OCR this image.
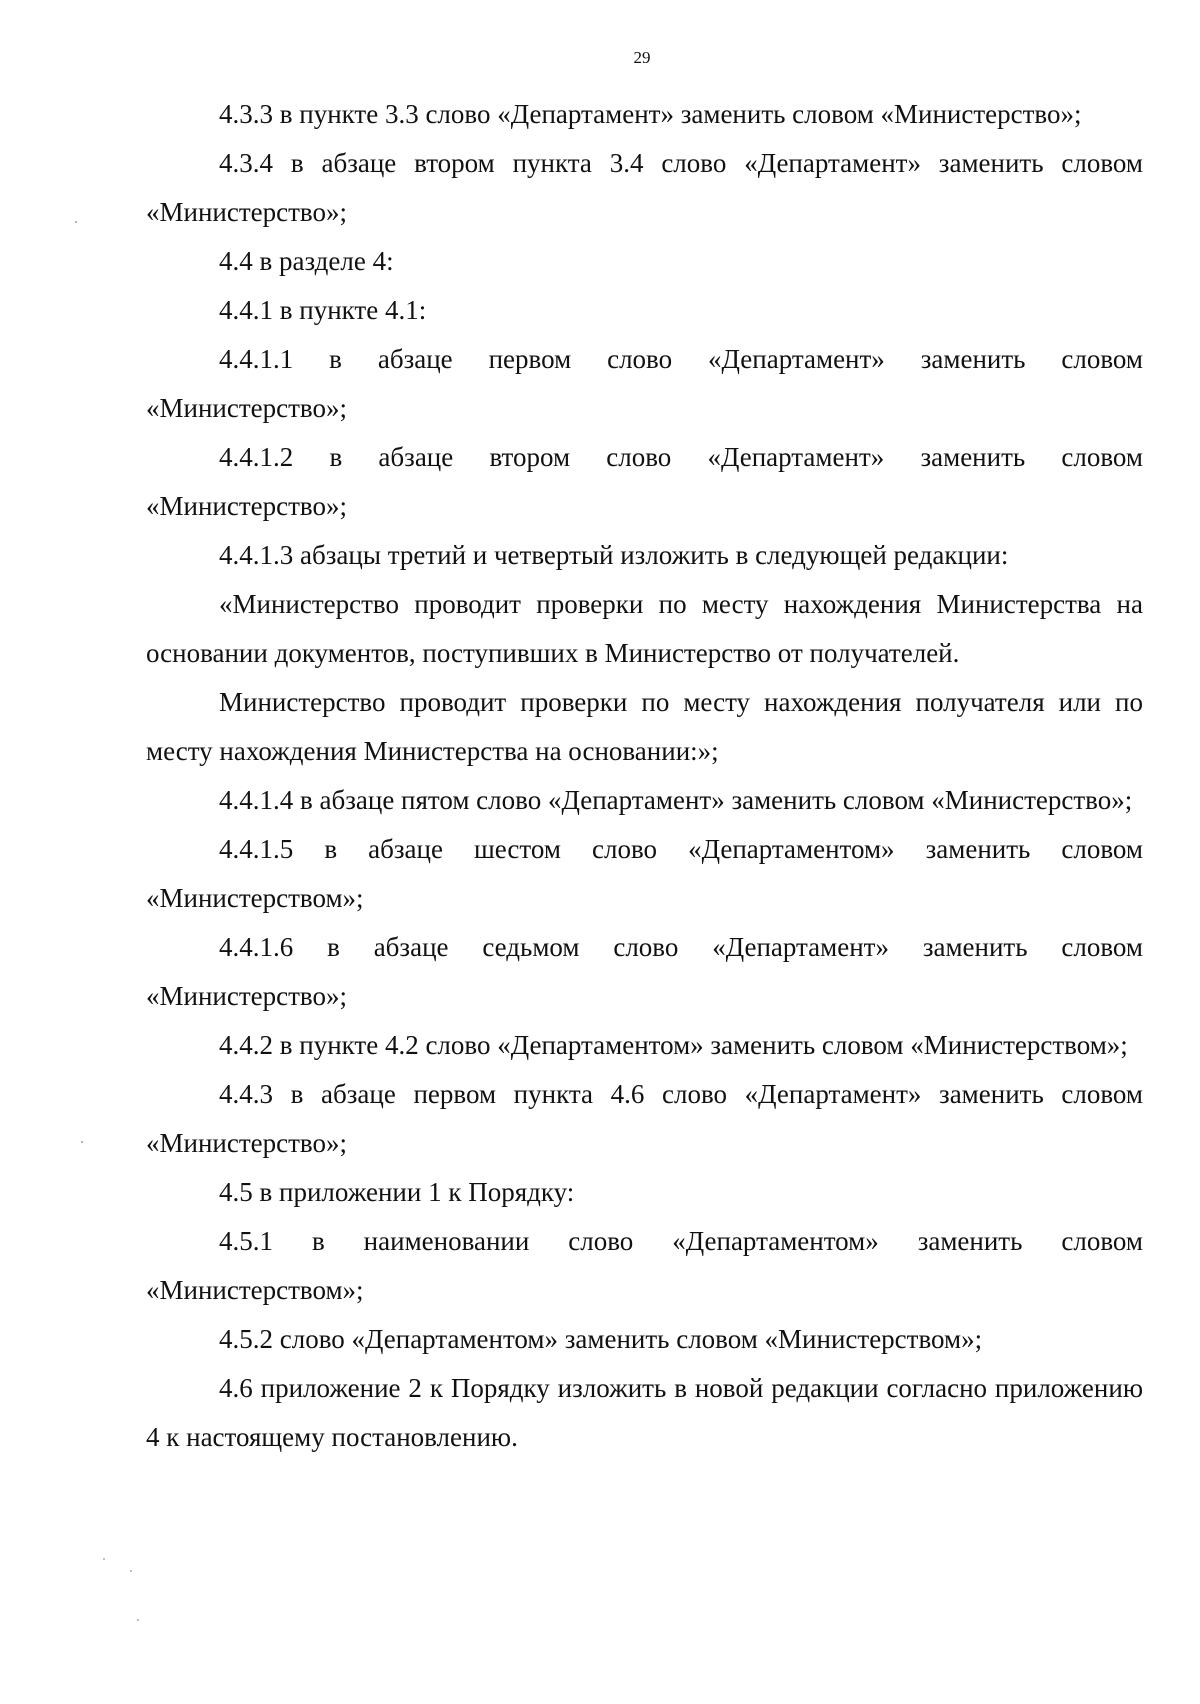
29

4.3.3 в пункте 3.3 слово «Департамент» заменить словом «Министерство»;

4.3.4 в абзаце втором пункта 3.4 слово «Департамент» заменить словом «Министерство»;

4.4 в разделе 4:

4.4.1 в пункте 4.1:

4.4.1.1 в абзаце первом слово «Департамент» заменить словом «Министерство»;

4.4.1.2 в абзаце втором слово «Департамент» заменить словом «Министерство»;

4.4.1.3 абзацы третий и четвертый изложить в следующей редакции:

«Министерство проводит проверки по месту нахождения Министерства на основании документов, поступивших в Министерство от получателей.

Министерство проводит проверки по месту нахождения получателя или по месту нахождения Министерства на основании:»;

4.4.1.4 в абзаце пятом слово «Департамент» заменить словом «Министерство»;

4.4.1.5 в абзаце шестом слово «Департаментом» заменить словом «Министерством»;

4.4.1.6 в абзаце седьмом слово «Департамент» заменить словом «Министерство»;

4.4.2 в пункте 4.2 слово «Департаментом» заменить словом «Министерством»;

4.4.3 в абзаце первом пункта 4.6 слово «Департамент» заменить словом «Министерство»;

4.5 в приложении 1 к Порядку:

4.5.1 в наименовании слово «Департаментом» заменить словом «Министерством»;

4.5.2 слово «Департаментом» заменить словом «Министерством»;

4.6 приложение 2 к Порядку изложить в новой редакции согласно приложению 4 к настоящему постановлению.
